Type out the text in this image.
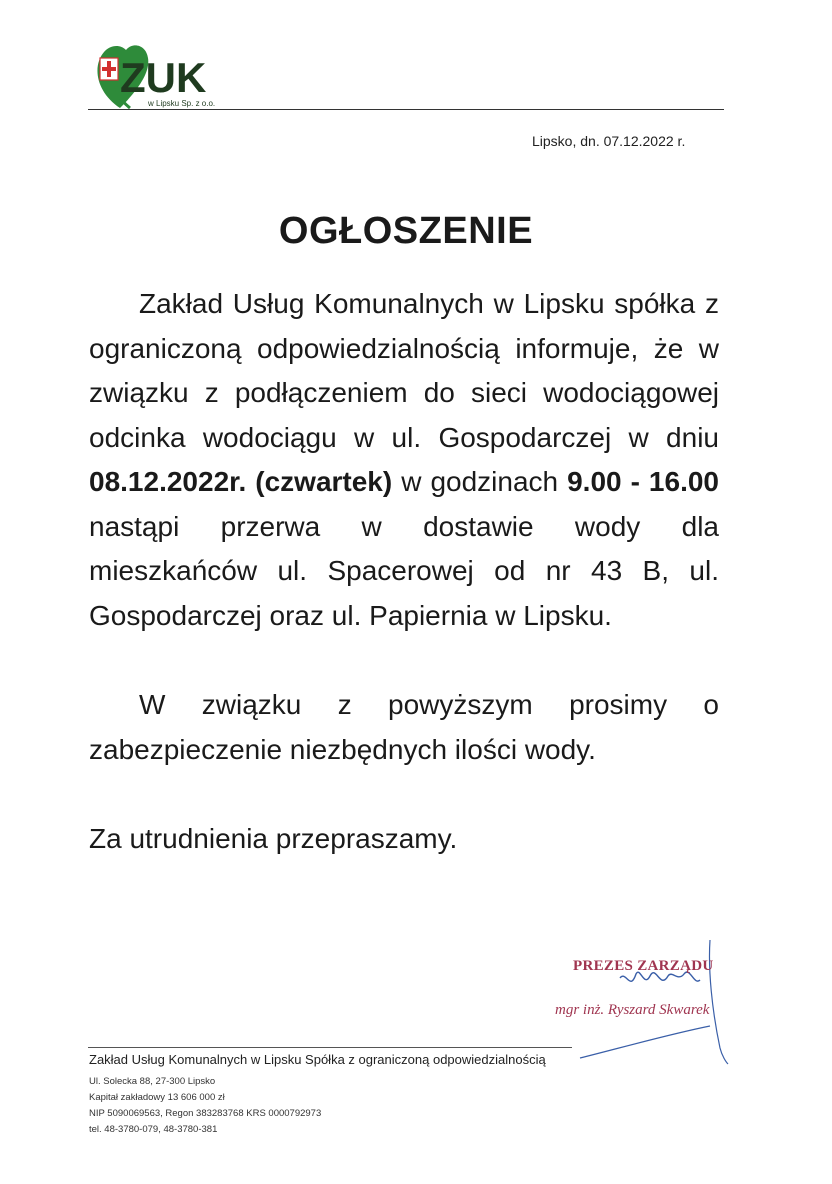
ZUK
w Lipsku Sp. z o.o.
Lipsko, dn. 07.12.2022 r.
OGŁOSZENIE

Zakład Usług Komunalnych w Lipsku spółka z ograniczoną odpowiedzialnością informuje, że w związku z podłączeniem do sieci wodociągowej odcinka wodociągu w ul. Gospodarczej w dniu 08.12.2022r. (czwartek) w godzinach 9.00 - 16.00 nastąpi przerwa w dostawie wody dla mieszkańców ul. Spacerowej od nr 43 B, ul. Gospodarczej oraz ul. Papiernia w Lipsku.

W związku z powyższym prosimy o zabezpieczenie niezbędnych ilości wody.

Za utrudnienia przepraszamy.

PREZES ZARZĄDU
mgr inż. Ryszard Skwarek
Zakład Usług Komunalnych w Lipsku Spółka z ograniczoną odpowiedzialnością
Ul. Solecka 88, 27-300 Lipsko
Kapitał zakładowy 13 606 000 zł
NIP 5090069563, Regon 383283768 KRS 0000792973
tel. 48-3780-079, 48-3780-381
